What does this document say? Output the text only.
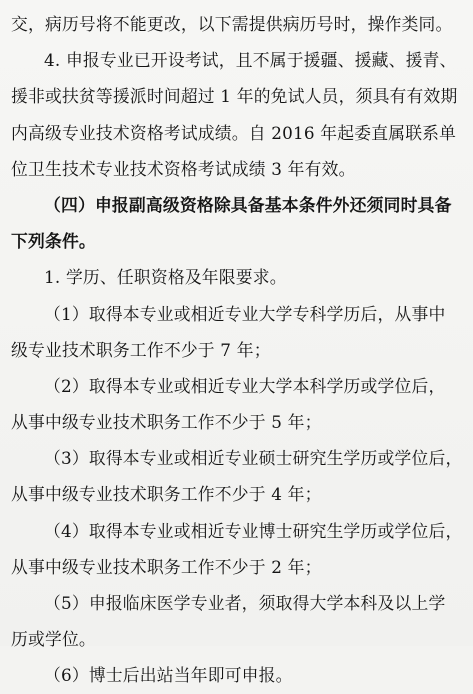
交，病历号将不能更改，以下需提供病历号时，操作类同。
4. 申报专业已开设考试，且不属于援疆、援藏、援青、
援非或扶贫等援派时间超过 1 年的免试人员，须具有有效期
内高级专业技术资格考试成绩。自 2016 年起委直属联系单
位卫生技术专业技术资格考试成绩 3 年有效。
（四）申报副高级资格除具备基本条件外还须同时具备
下列条件。
1. 学历、任职资格及年限要求。
（1）取得本专业或相近专业大学专科学历后，从事中
级专业技术职务工作不少于 7 年；
（2）取得本专业或相近专业大学本科学历或学位后，
从事中级专业技术职务工作不少于 5 年；
（3）取得本专业或相近专业硕士研究生学历或学位后，
从事中级专业技术职务工作不少于 4 年；
（4）取得本专业或相近专业博士研究生学历或学位后，
从事中级专业技术职务工作不少于 2 年；
（5）申报临床医学专业者，须取得大学本科及以上学
历或学位。
（6）博士后出站当年即可申报。
